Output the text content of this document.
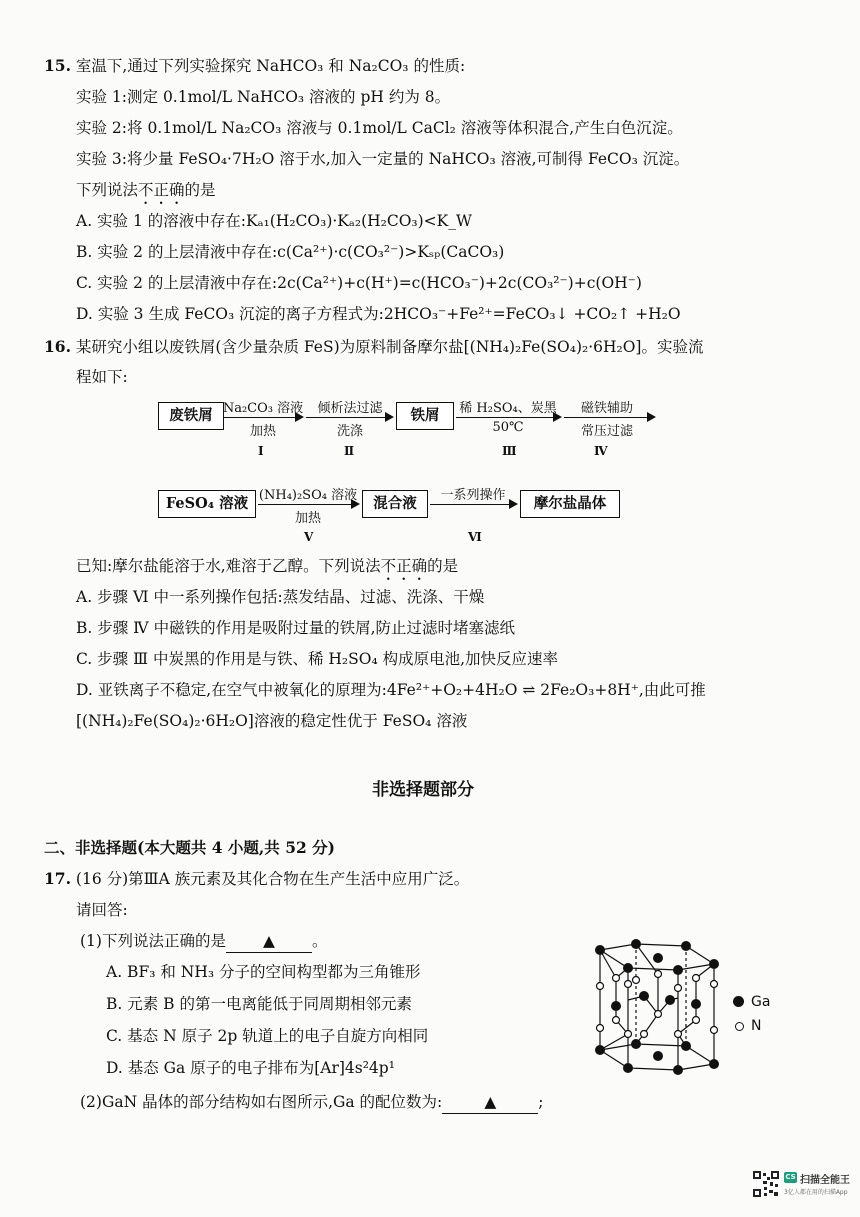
15. 室温下,通过下列实验探究 NaHCO₃ 和 Na₂CO₃ 的性质:
实验 1:测定 0.1mol/L NaHCO₃ 溶液的 pH 约为 8。
实验 2:将 0.1mol/L Na₂CO₃ 溶液与 0.1mol/L CaCl₂ 溶液等体积混合,产生白色沉淀。
实验 3:将少量 FeSO₄·7H₂O 溶于水,加入一定量的 NaHCO₃ 溶液,可制得 FeCO₃ 沉淀。
下列说法不正确的是
A. 实验 1 的溶液中存在:Kₐ₁(H₂CO₃)·Kₐ₂(H₂CO₃)<K_W
B. 实验 2 的上层清液中存在:c(Ca²⁺)·c(CO₃²⁻)>Kₛₚ(CaCO₃)
C. 实验 2 的上层清液中存在:2c(Ca²⁺)+c(H⁺)=c(HCO₃⁻)+2c(CO₃²⁻)+c(OH⁻)
D. 实验 3 生成 FeCO₃ 沉淀的离子方程式为:2HCO₃⁻+Fe²⁺=FeCO₃↓ +CO₂↑ +H₂O
16. 某研究小组以废铁屑(含少量杂质 FeS)为原料制备摩尔盐[(NH₄)₂Fe(SO₄)₂·6H₂O]。实验流
程如下:
废铁屑 Na₂CO₃ 溶液
加热
Ⅰ
倾析法过滤
洗涤
Ⅱ
铁屑	稀 H₂SO₄、炭黑
50℃
Ⅲ
磁铁辅助
常压过滤
Ⅳ
FeSO₄ 溶液 (NH₄)₂SO₄ 溶液
加热
Ⅴ
混合液	一系列操作
Ⅵ
摩尔盐晶体
已知:摩尔盐能溶于水,难溶于乙醇。下列说法不正确的是
A. 步骤 Ⅵ 中一系列操作包括:蒸发结晶、过滤、洗涤、干燥
B. 步骤 Ⅳ 中磁铁的作用是吸附过量的铁屑,防止过滤时堵塞滤纸
C. 步骤 Ⅲ 中炭黑的作用是与铁、稀 H₂SO₄ 构成原电池,加快反应速率
D. 亚铁离子不稳定,在空气中被氧化的原理为:4Fe²⁺+O₂+4H₂O ⇌ 2Fe₂O₃+8H⁺,由此可推
[(NH₄)₂Fe(SO₄)₂·6H₂O]溶液的稳定性优于 FeSO₄ 溶液
非选择题部分
二、非选择题(本大题共 4 小题,共 52 分)
17. (16 分)第ⅢA 族元素及其化合物在生产生活中应用广泛。
请回答:
(1)下列说法正确的是 ▲ 。
A. BF₃ 和 NH₃ 分子的空间构型都为三角锥形
B. 元素 B 的第一电离能低于同周期相邻元素
C. 基态 N 原子 2p 轨道上的电子自旋方向相同
D. 基态 Ga 原子的电子排布为[Ar]4s²4p¹
(2)GaN 晶体的部分结构如右图所示,Ga 的配位数为:	▲	;
Ga
N
CS 扫描全能王
3亿人都在用的扫描App
